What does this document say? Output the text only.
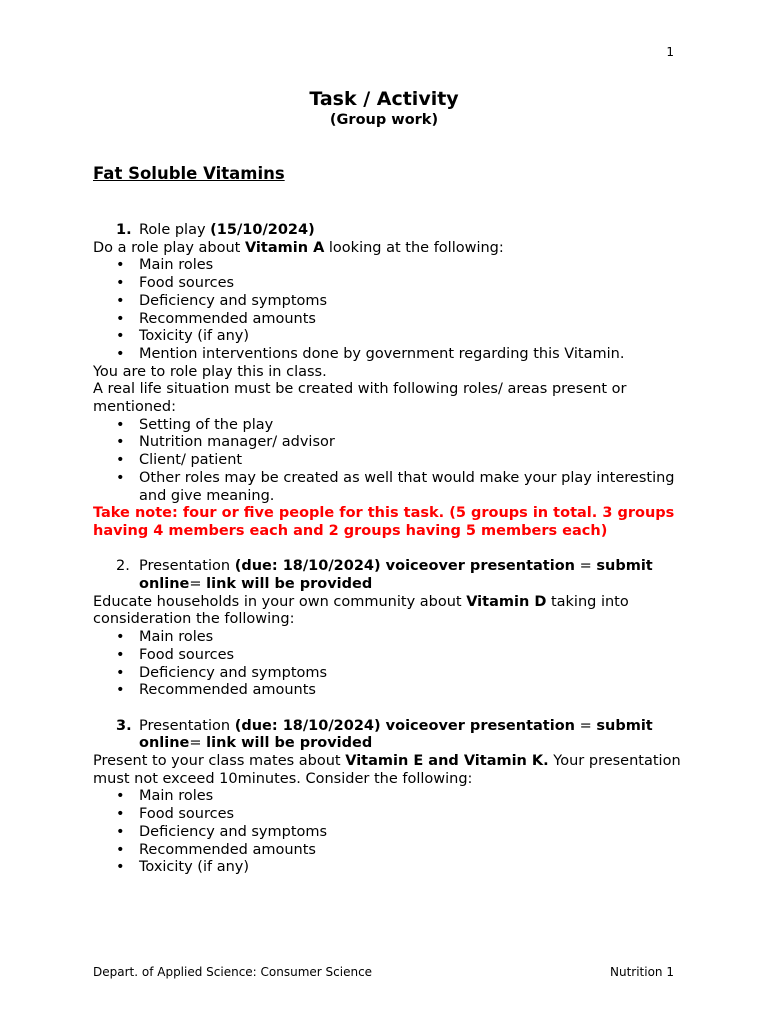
1
Task / Activity
(Group work)
Fat Soluble Vitamins
1. Role play (15/10/2024)
Do a role play about Vitamin A looking at the following:
• Main roles
• Food sources
• Deficiency and symptoms
• Recommended amounts
• Toxicity (if any)
• Mention interventions done by government regarding this Vitamin.
You are to role play this in class.
A real life situation must be created with following roles/ areas present or mentioned:
• Setting of the play
• Nutrition manager/ advisor
• Client/ patient
• Other roles may be created as well that would make your play interesting and give meaning.
Take note: four or five people for this task. (5 groups in total. 3 groups having 4 members each and 2 groups having 5 members each)
2. Presentation (due: 18/10/2024) voiceover presentation = submit online= link will be provided
Educate households in your own community about Vitamin D taking into consideration the following:
• Main roles
• Food sources
• Deficiency and symptoms
• Recommended amounts
3. Presentation (due: 18/10/2024) voiceover presentation = submit online= link will be provided
Present to your class mates about Vitamin E and Vitamin K. Your presentation must not exceed 10minutes. Consider the following:
• Main roles
• Food sources
• Deficiency and symptoms
• Recommended amounts
• Toxicity (if any)
Depart. of Applied Science: Consumer Science	Nutrition 1
